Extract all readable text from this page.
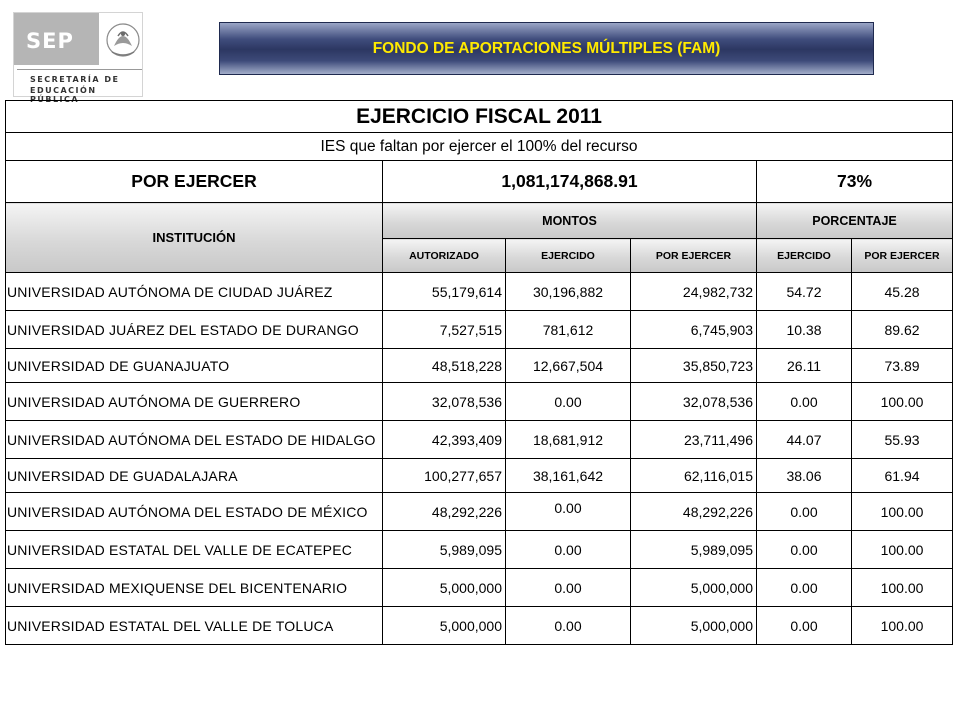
SEP
SECRETARÍA DE
EDUCACIÓN PÚBLICA
FONDO DE APORTACIONES MÚLTIPLES (FAM)
EJERCICIO FISCAL 2011					
IES que faltan por ejercer el 100% del recurso					
POR EJERCER	1,081,174,868.91			73%	
INSTITUCIÓN	MONTOS			PORCENTAJE	
	AUTORIZADO	EJERCIDO	POR EJERCER	EJERCIDO	POR EJERCER
UNIVERSIDAD AUTÓNOMA DE CIUDAD JUÁREZ	55,179,614	30,196,882	24,982,732	54.72	45.28
UNIVERSIDAD JUÁREZ DEL ESTADO DE DURANGO	7,527,515	781,612	6,745,903	10.38	89.62
UNIVERSIDAD DE GUANAJUATO	48,518,228	12,667,504	35,850,723	26.11	73.89
UNIVERSIDAD AUTÓNOMA DE GUERRERO	32,078,536	0.00	32,078,536	0.00	100.00
UNIVERSIDAD AUTÓNOMA DEL ESTADO DE HIDALGO	42,393,409	18,681,912	23,711,496	44.07	55.93
UNIVERSIDAD DE GUADALAJARA	100,277,657	38,161,642	62,116,015	38.06	61.94
UNIVERSIDAD AUTÓNOMA DEL ESTADO DE MÉXICO	48,292,226	0.00	48,292,226	0.00	100.00
UNIVERSIDAD ESTATAL DEL VALLE DE ECATEPEC	5,989,095	0.00	5,989,095	0.00	100.00
UNIVERSIDAD MEXIQUENSE DEL BICENTENARIO	5,000,000	0.00	5,000,000	0.00	100.00
UNIVERSIDAD ESTATAL DEL VALLE DE TOLUCA	5,000,000	0.00	5,000,000	0.00	100.00
